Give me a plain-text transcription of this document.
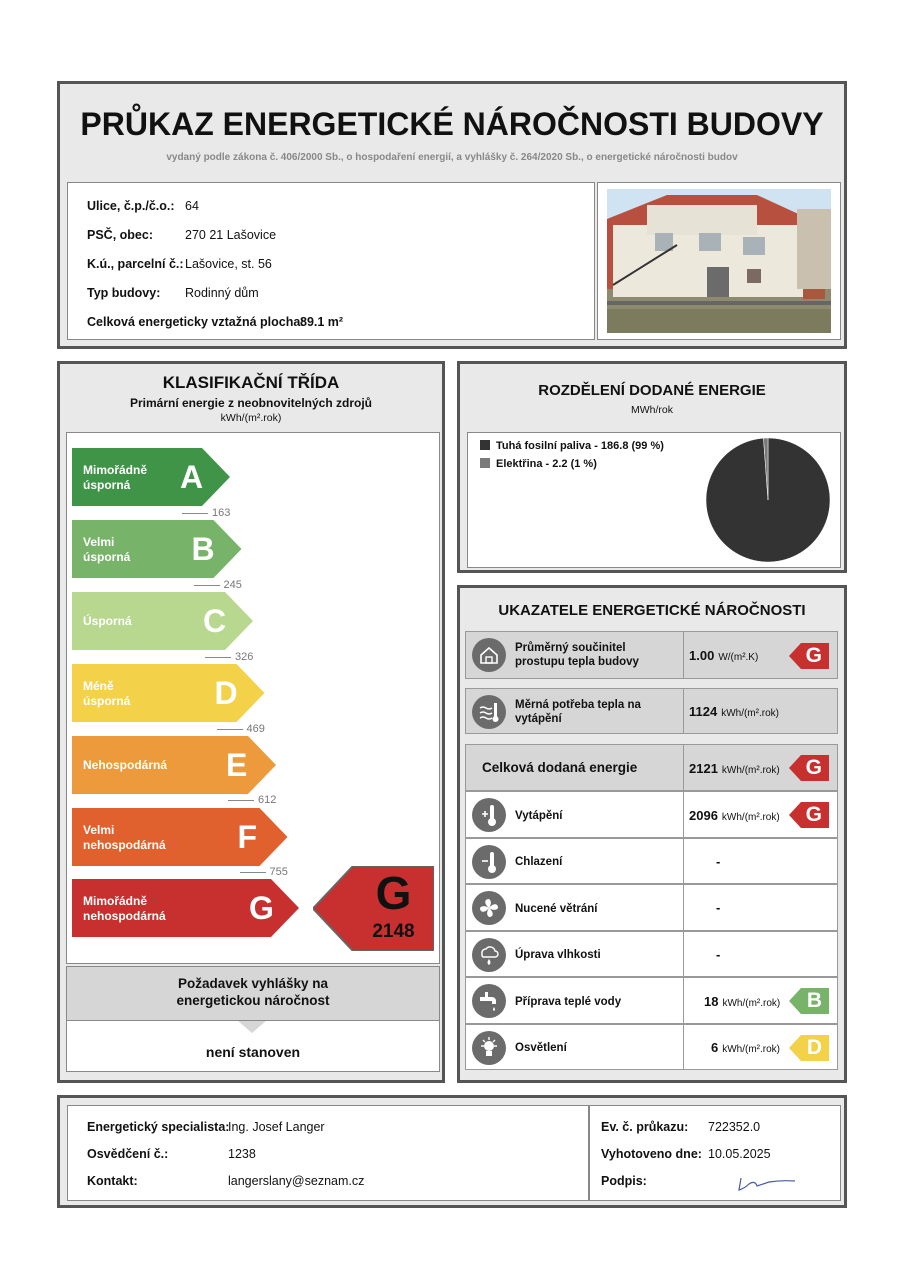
PRŮKAZ ENERGETICKÉ NÁROČNOSTI BUDOVY
vydaný podle zákona č. 406/2000 Sb., o hospodaření energií, a vyhlášky č. 264/2020 Sb., o energetické náročnosti budov
Ulice, č.p./č.o.: 64
PSČ, obec:	270 21 Lašovice
K.ú., parcelní č.: Lašovice, st. 56
Typ budovy: Rodinný dům
Celková energeticky vztažná plocha:
89.1 m²
KLASIFIKAČNÍ TŘÍDA
Primární energie z neobnovitelných zdrojů
kWh/(m².rok)
Požadavek vyhlášky na energetickou náročnost
není stanoven
Mimořádně
úsporná	A
Velmi
úsporná B
Úsporná C
Méně
úsporná	D
Nehospodárná E
Velmi
nehospodárná F
Mimořádně
nehospodárná	G
163
245
326
469
612
755	G
2148
ROZDĚLENÍ DODANÉ ENERGIE
MWh/rok
Tuhá fosilní paliva - 186.8 (99 %)
Elektřina - 2.2 (1 %)
UKAZATELE ENERGETICKÉ NÁROČNOSTI
Průměrný součinitel prostupu tepla budovy	1.00 W/(m².K) G
Měrná potřeba tepla na vytápění	1124 kWh/(m².rok)
Celková dodaná energie	2121 kWh/(m².rok) G
Vytápění	2096 kWh/(m².rok) G
Chlazení	-
Nucené větrání	-
Úprava vlhkosti	-
Příprava teplé vody	18 kWh/(m².rok) B
Osvětlení	6 kWh/(m².rok) D
Energetický specialista:
Ing. Josef Langer
Osvědčení č.:	1238
Kontakt:	langerslany@seznam.cz
Ev. č. průkazu: 722352.0
Vyhotoveno dne: 10.05.2025
Podpis:
